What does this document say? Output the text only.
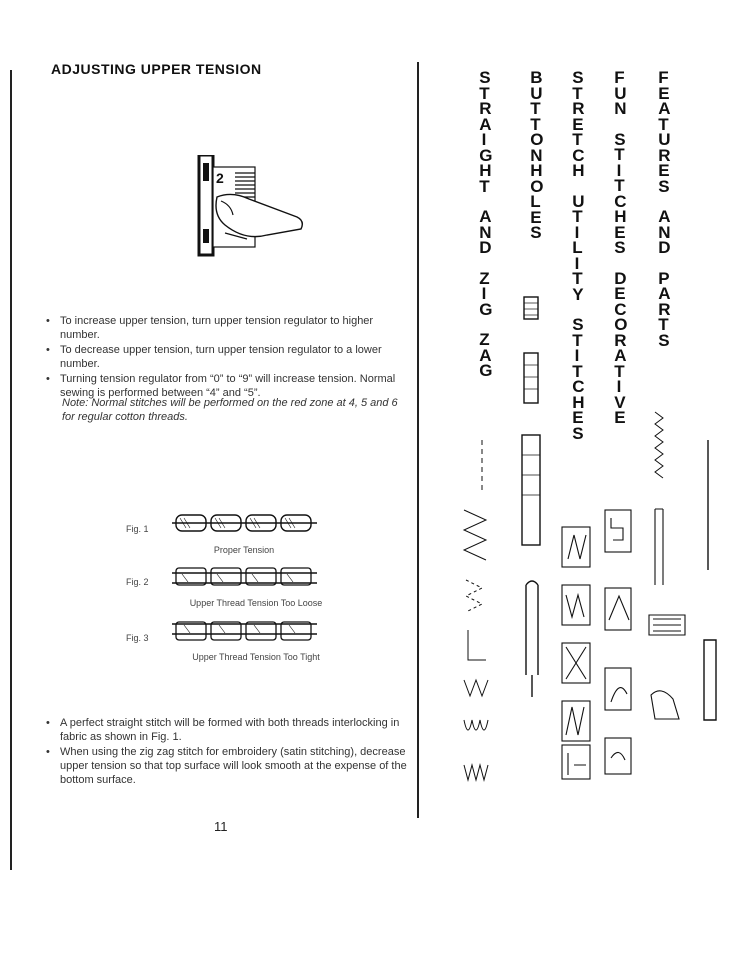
ADJUSTING UPPER TENSION
2
• To increase upper tension, turn upper tension regulator to higher number.
• To decrease upper tension, turn upper tension regulator to a lower number.
• Turning tension regulator from “0” to “9” will increase tension. Normal sewing is performed between “4” and “5”.
Note: Normal stitches will be performed on the red zone at 4, 5 and 6 for regular cotton threads.
Fig. 1
Proper Tension
Fig. 2
Upper Thread Tension Too Loose
Fig. 3
Upper Thread Tension Too Tight
• A perfect straight stitch will be formed with both threads interlocking in fabric as shown in Fig. 1.
• When using the zig zag stitch for embroidery (satin stitching), decrease upper tension so that top surface will look smooth at the expense of the bottom surface.
11
STRAIGHT
AND
ZIG
ZAG
BUTTONHOLES
STRETCH
UTILITY
STITCHES
FUN
STITCHES
DECORATIVE
FEATURES
AND
PARTS
